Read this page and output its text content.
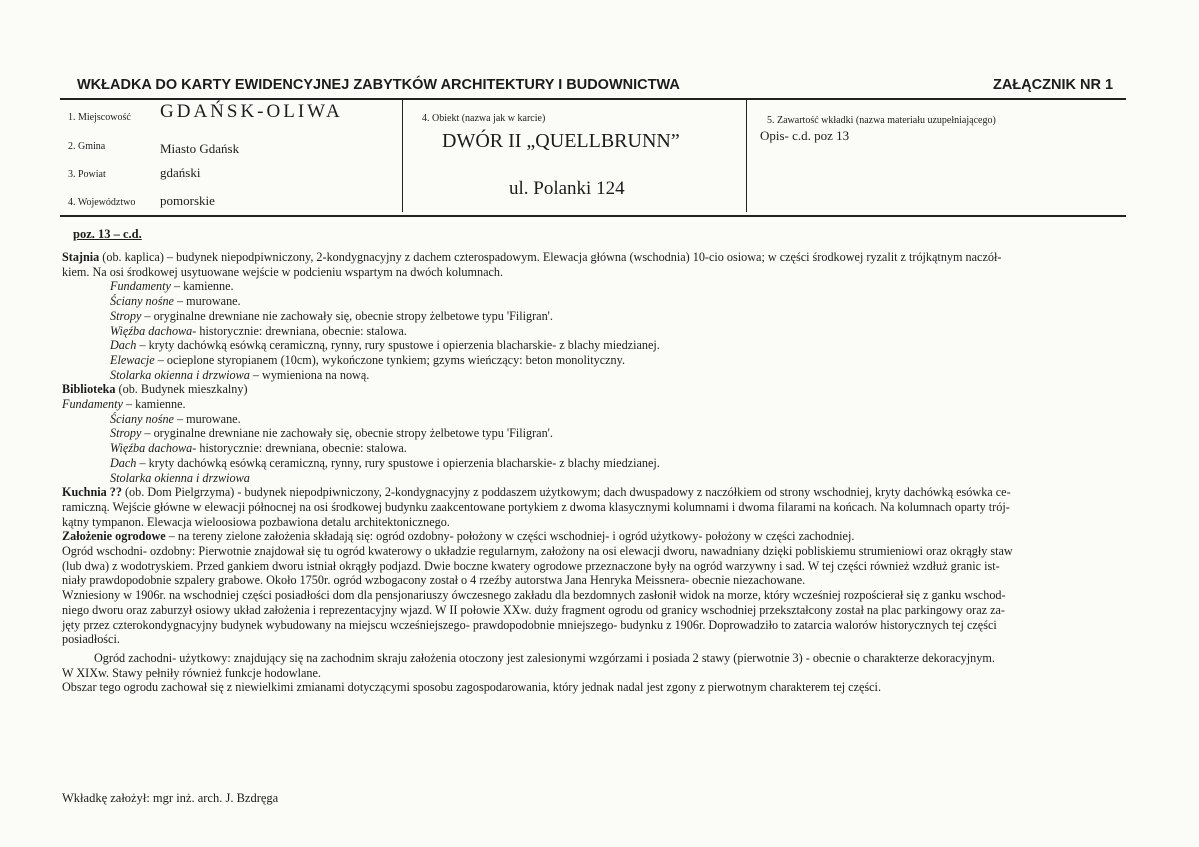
WKŁADKA DO KARTY EWIDENCYJNEJ ZABYTKÓW ARCHITEKTURY I BUDOWNICTWA	ZAŁĄCZNIK NR 1
1. Miejscowość GDAŃSK-OLIWA
2. Gmina	Miasto Gdańsk
3. Powiat	gdański
4. Województwo pomorskie
4. Obiekt (nazwa jak w karcie)
DWÓR II „QUELLBRUNN”
ul. Polanki 124
5. Zawartość wkładki (nazwa materiału uzupełniającego)
Opis- c.d. poz 13
poz. 13 – c.d.

Stajnia (ob. kaplica) – budynek niepodpiwniczony, 2-kondygnacyjny z dachem czterospadowym. Elewacja główna (wschodnia) 10-cio osiowa; w części środkowej ryzalit z trójkątnym naczół-

kiem. Na osi środkowej usytuowane wejście w podcieniu wspartym na dwóch kolumnach.

Fundamenty – kamienne.

Ściany nośne – murowane.

Stropy – oryginalne drewniane nie zachowały się, obecnie stropy żelbetowe typu 'Filigran'.

Więźba dachowa- historycznie: drewniana, obecnie: stalowa.

Dach – kryty dachówką esówką ceramiczną, rynny, rury spustowe i opierzenia blacharskie- z blachy miedzianej.

Elewacje – ocieplone styropianem (10cm), wykończone tynkiem; gzyms wieńczący: beton monolityczny.

Stolarka okienna i drzwiowa – wymieniona na nową.

Biblioteka (ob. Budynek mieszkalny)

Fundamenty – kamienne.

Ściany nośne – murowane.

Stropy – oryginalne drewniane nie zachowały się, obecnie stropy żelbetowe typu 'Filigran'.

Więźba dachowa- historycznie: drewniana, obecnie: stalowa.

Dach – kryty dachówką esówką ceramiczną, rynny, rury spustowe i opierzenia blacharskie- z blachy miedzianej.

Stolarka okienna i drzwiowa

Kuchnia ?? (ob. Dom Pielgrzyma) - budynek niepodpiwniczony, 2-kondygnacyjny z poddaszem użytkowym; dach dwuspadowy z naczółkiem od strony wschodniej, kryty dachówką esówka ce-

ramiczną. Wejście główne w elewacji północnej na osi środkowej budynku zaakcentowane portykiem z dwoma klasycznymi kolumnami i dwoma filarami na końcach. Na kolumnach oparty trój-

kątny tympanon. Elewacja wieloosiowa pozbawiona detalu architektonicznego.

Założenie ogrodowe – na tereny zielone założenia składają się: ogród ozdobny- położony w części wschodniej- i ogród użytkowy- położony w części zachodniej.

Ogród wschodni- ozdobny: Pierwotnie znajdował się tu ogród kwaterowy o układzie regularnym, założony na osi elewacji dworu, nawadniany dzięki pobliskiemu strumieniowi oraz okrągły staw

(lub dwa) z wodotryskiem. Przed gankiem dworu istniał okrągły podjazd. Dwie boczne kwatery ogrodowe przeznaczone były na ogród warzywny i sad. W tej części również wzdłuż granic ist-

niały prawdopodobnie szpalery grabowe. Około 1750r. ogród wzbogacony został o 4 rzeźby autorstwa Jana Henryka Meissnera- obecnie niezachowane.

Wzniesiony w 1906r. na wschodniej części posiadłości dom dla pensjonariuszy ówczesnego zakładu dla bezdomnych zasłonił widok na morze, który wcześniej rozpościerał się z ganku wschod-

niego dworu oraz zaburzył osiowy układ założenia i reprezentacyjny wjazd. W II połowie XXw. duży fragment ogrodu od granicy wschodniej przekształcony został na plac parkingowy oraz za-

jęty przez czterokondygnacyjny budynek wybudowany na miejscu wcześniejszego- prawdopodobnie mniejszego- budynku z 1906r. Doprowadziło to zatarcia walorów historycznych tej części

posiadłości.

Ogród zachodni- użytkowy: znajdujący się na zachodnim skraju założenia otoczony jest zalesionymi wzgórzami i posiada 2 stawy (pierwotnie 3) - obecnie o charakterze dekoracyjnym.

W XIXw. Stawy pełniły również funkcje hodowlane.

Obszar tego ogrodu zachował się z niewielkimi zmianami dotyczącymi sposobu zagospodarowania, który jednak nadal jest zgony z pierwotnym charakterem tej części.

Wkładkę założył: mgr inż. arch. J. Bzdręga
